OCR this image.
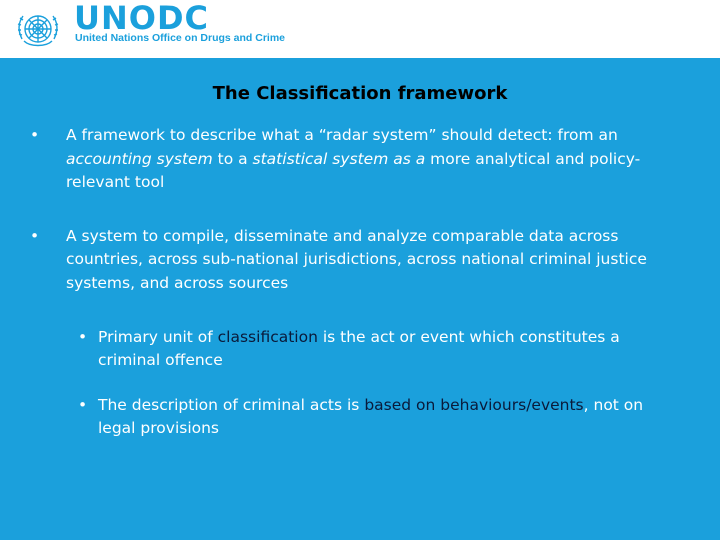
UNODC
United Nations Office on Drugs and Crime
The Classification framework
• A framework to describe what a “radar system” should detect: from an accounting system to a statistical system as a more analytical and policy-relevant tool
• A system to compile, disseminate and analyze comparable data across countries, across sub-national jurisdictions, across national criminal justice systems, and across sources
• Primary unit of classification is the act or event which constitutes a criminal offence
• The description of criminal acts is based on behaviours/events, not on legal provisions
